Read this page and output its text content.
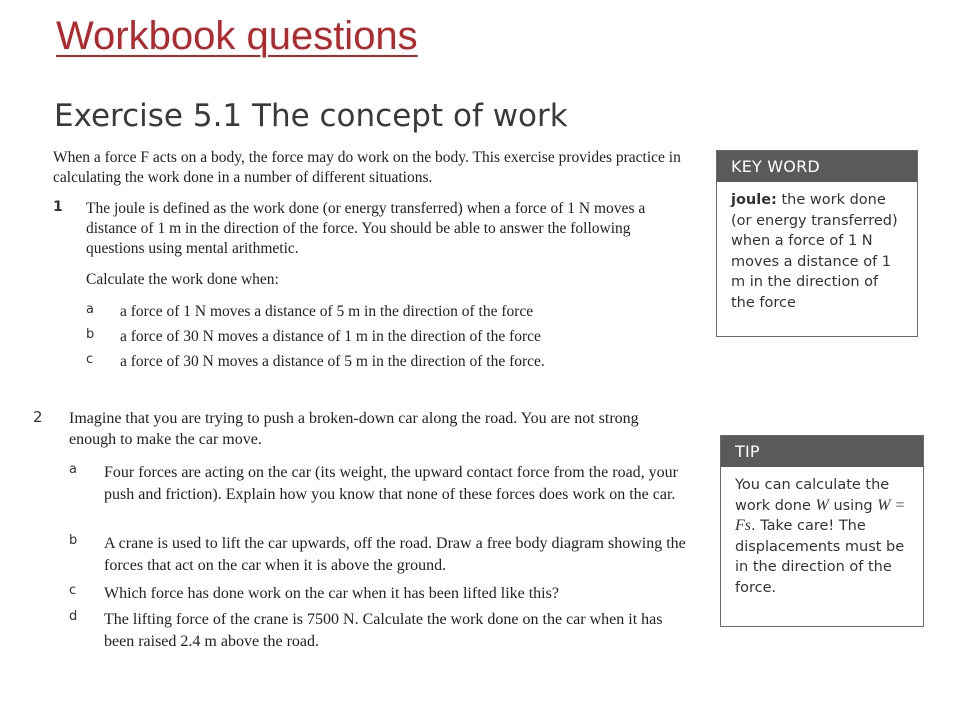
Workbook questions
Exercise 5.1 The concept of work

When a force F acts on a body, the force may do work on the body. This exercise provides practice in calculating the work done in a number of different situations.

1 The joule is defined as the work done (or energy transferred) when a force of 1 N moves a distance of 1 m in the direction of the force. You should be able to answer the following questions using mental arithmetic.

Calculate the work done when:

a a force of 1 N moves a distance of 5 m in the direction of the force

b a force of 30 N moves a distance of 1 m in the direction of the force

c a force of 30 N moves a distance of 5 m in the direction of the force.

2 Imagine that you are trying to push a broken-down car along the road. You are not strong enough to make the car move.

a Four forces are acting on the car (its weight, the upward contact force from the road, your push and friction). Explain how you know that none of these forces does work on the car.

b A crane is used to lift the car upwards, off the road. Draw a free body diagram showing the forces that act on the car when it is above the ground.

c Which force has done work on the car when it has been lifted like this?

d The lifting force of the crane is 7500 N. Calculate the work done on the car when it has been raised 2.4 m above the road.

KEY WORD
joule: the work done (or energy transferred) when a force of 1 N moves a distance of 1 m in the direction of the force
TIP
You can calculate the work done W using W = Fs. Take care! The displacements must be in the direction of the force.
